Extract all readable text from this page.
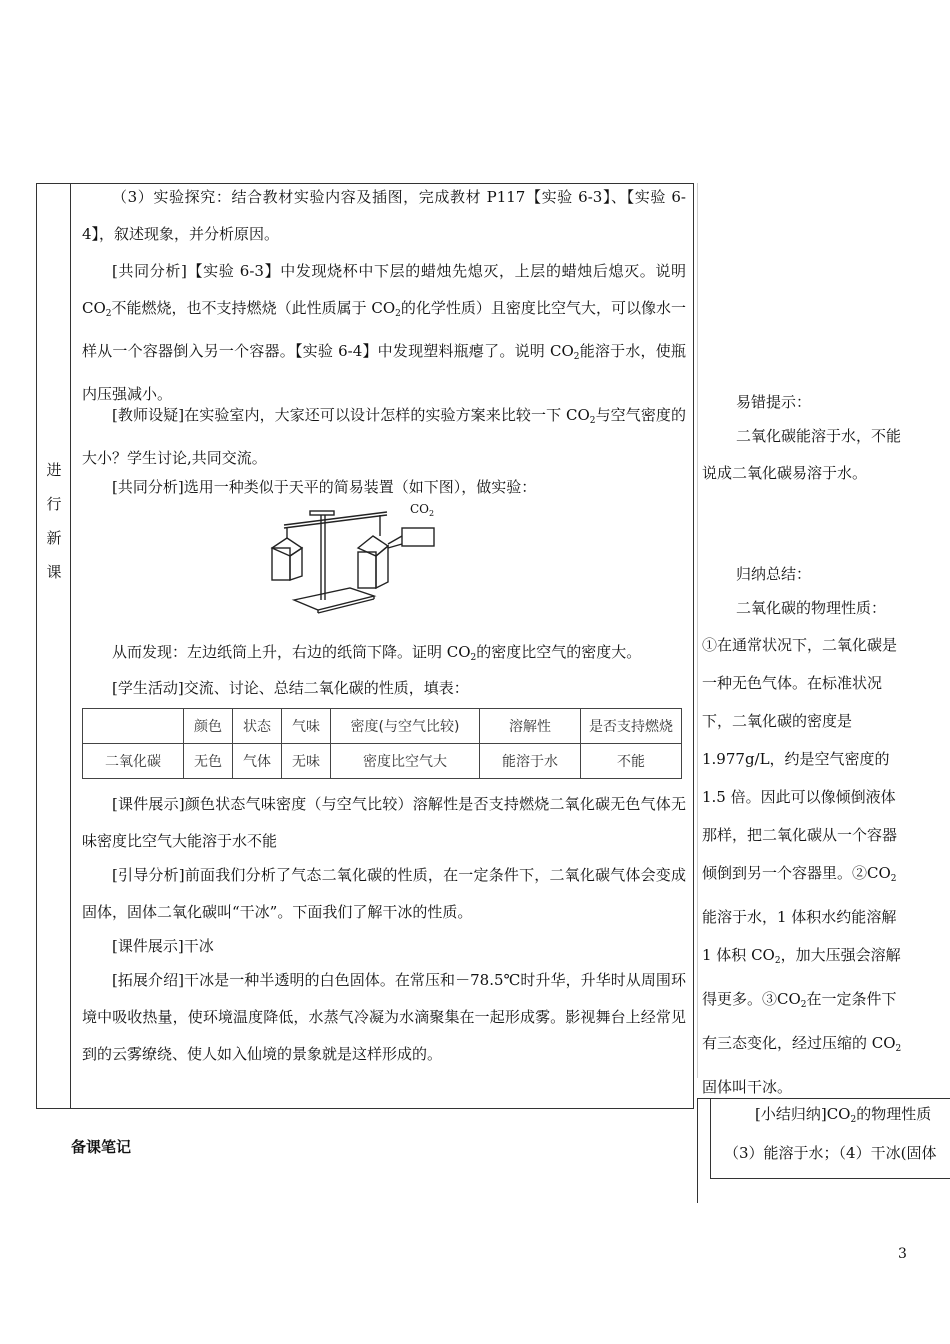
进
行
新
课
（3）实验探究：结合教材实验内容及插图，完成教材 P117【实验 6-3】、【实验 6-4】，叙述现象，并分析原因。
[共同分析]【实验 6-3】中发现烧杯中下层的蜡烛先熄灭，上层的蜡烛后熄灭。说明 $CO_2$不能燃烧，也不支持燃烧（此性质属于 $CO_2$的化学性质）且密度比空气大，可以像水一样从一个容器倒入另一个容器。【实验 6-4】中发现塑料瓶瘪了。说明 $CO_2$能溶于水，使瓶内压强减小。
[教师设疑]在实验室内，大家还可以设计怎样的实验方案来比较一下 $CO_2$与空气密度的大小？学生讨论,共同交流。
[共同分析]选用一种类似于天平的简易装置（如下图），做实验：
$CO_2$
从而发现：左边纸筒上升，右边的纸筒下降。证明 $CO_2$的密度比空气的密度大。
[学生活动]交流、讨论、总结二氧化碳的性质，填表：
	颜色	状态	气味	密度(与空气比较)	溶解性	是否支持燃烧
二氧化碳	无色	气体	无味	密度比空气大	能溶于水	不能
[课件展示]颜色状态气味密度（与空气比较）溶解性是否支持燃烧二氧化碳无色气体无味密度比空气大能溶于水不能
[引导分析]前面我们分析了气态二氧化碳的性质，在一定条件下，二氧化碳气体会变成固体，固体二氧化碳叫“干冰”。下面我们了解干冰的性质。
[课件展示]干冰
[拓展介绍]干冰是一种半透明的白色固体。在常压和－78.5℃时升华，升华时从周围环境中吸收热量，使环境温度降低，水蒸气冷凝为水滴聚集在一起形成雾。影视舞台上经常见到的云雾缭绕、使人如入仙境的景象就是这样形成的。
易错提示：
二氧化碳能溶于水，不能说成二氧化碳易溶于水。
归纳总结：
二氧化碳的物理性质：
①在通常状况下，二氧化碳是一种无色气体。在标准状况下，二氧化碳的密度是1.977g/L，约是空气密度的1.5 倍。因此可以像倾倒液体那样，把二氧化碳从一个容器倾倒到另一个容器里。$②CO_2$能溶于水，1 体积水约能溶解 1 体积 $CO_2$，加大压强会溶解得更多。$③CO_2$在一定条件下有三态变化，经过压缩的 $CO_2$固体叫干冰。
[小结归纳]$CO_2$的物理性质
（3）能溶于水；（4）干冰(固体
备课笔记
3
